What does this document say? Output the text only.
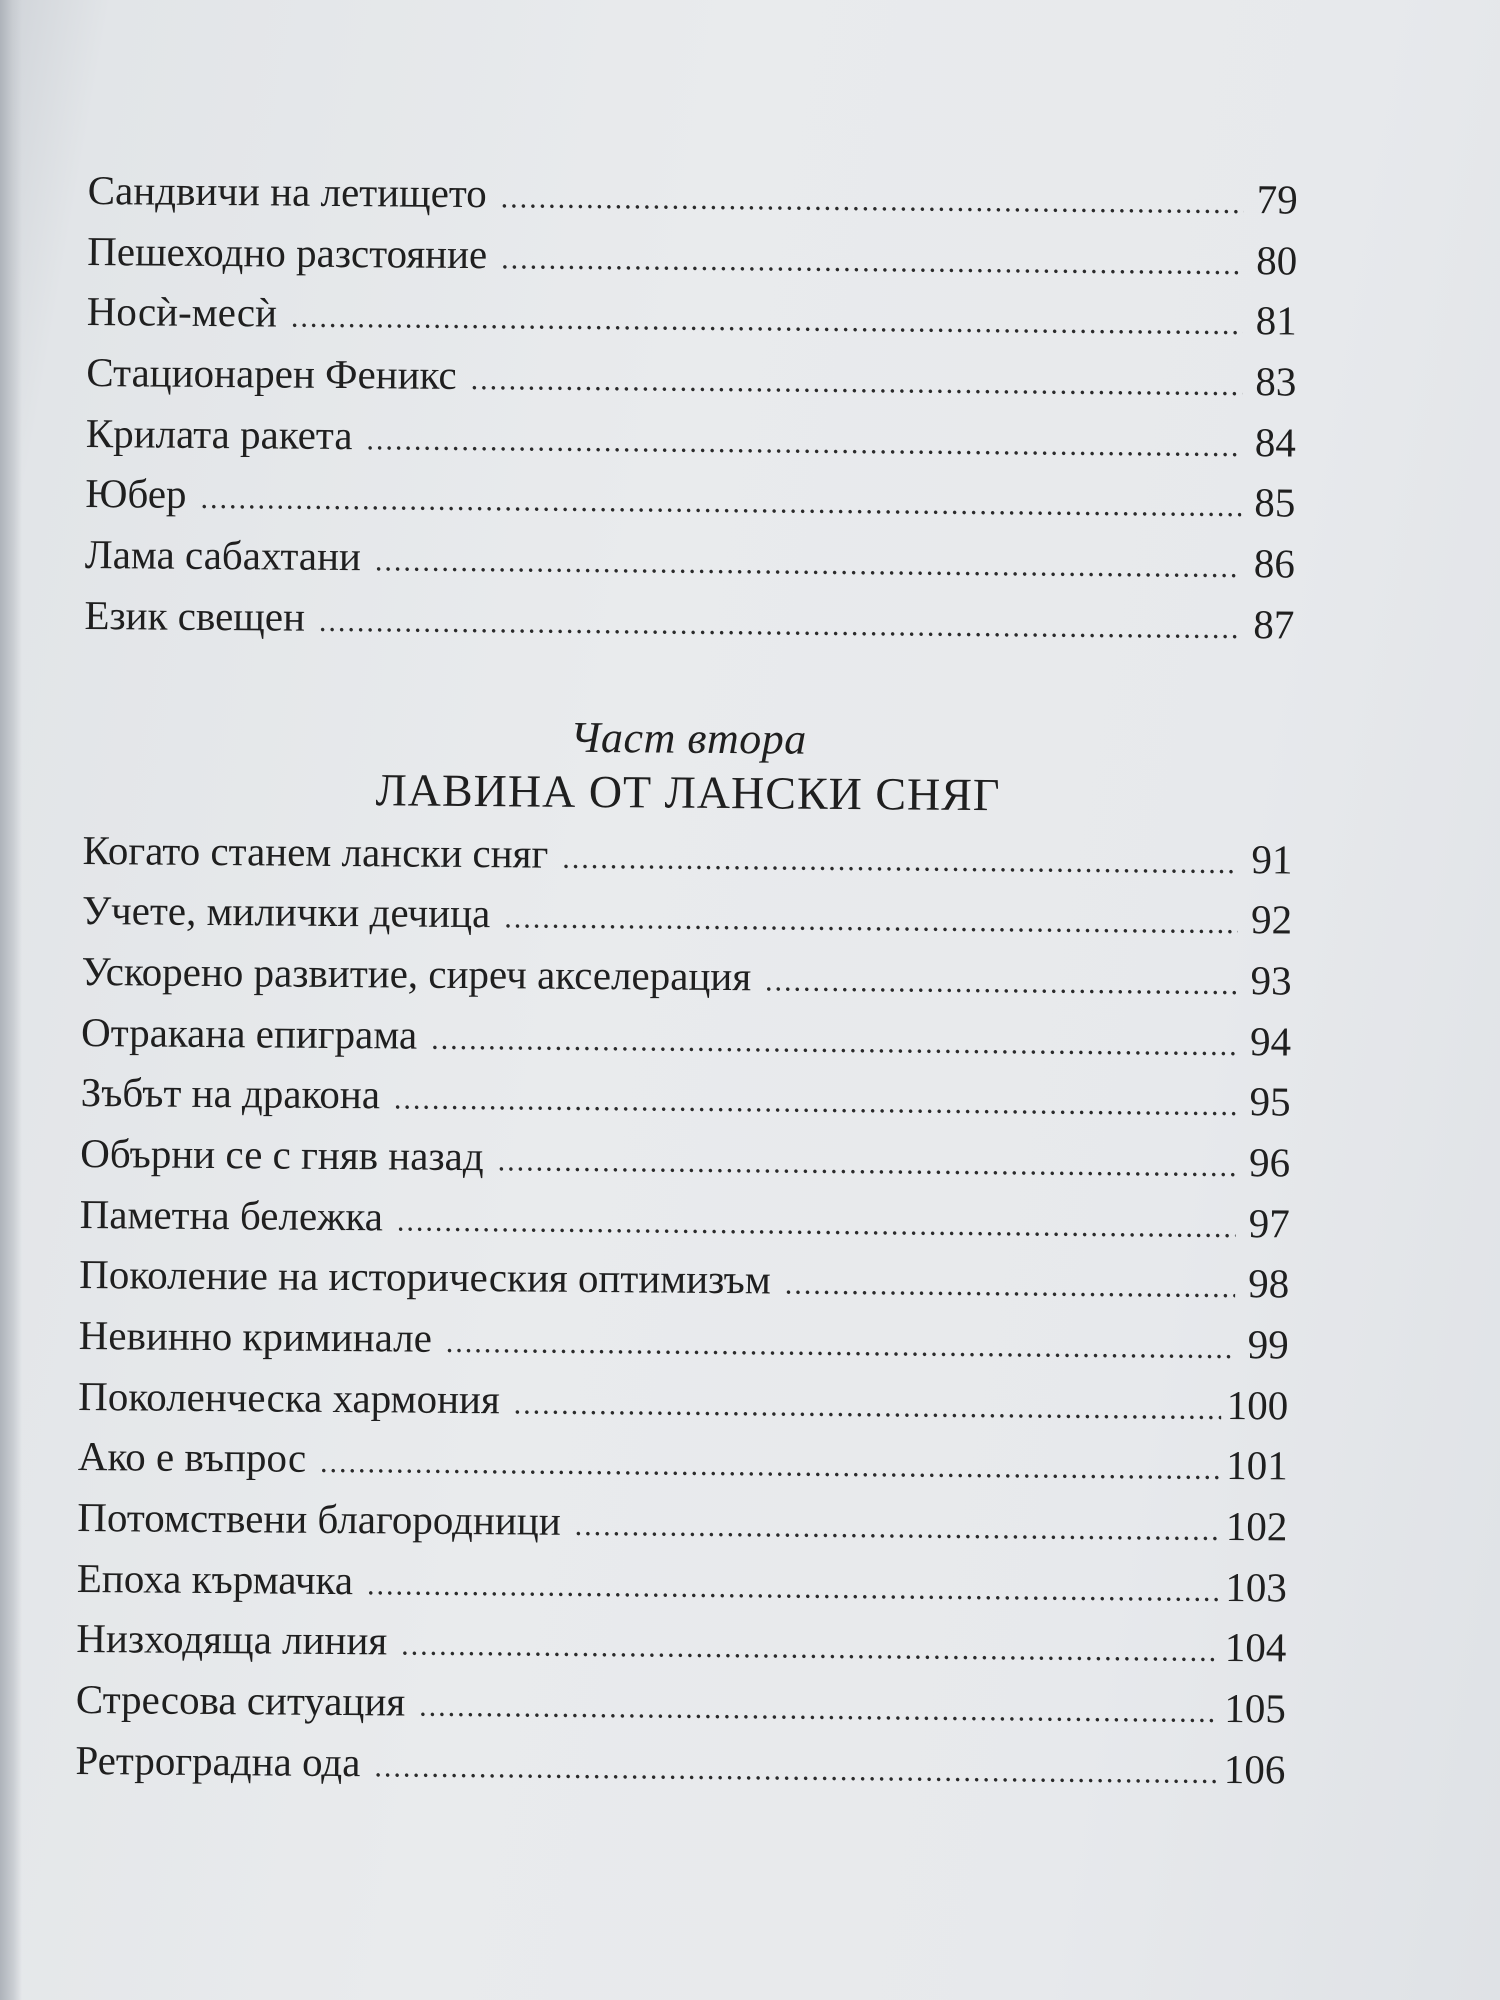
Сандвичи на летището .....	79
Пешеходно разстояние .....	80
Носѝ-месѝ .....	81
Стационарен Феникс .....	83
Крилата ракета .....	84
Юбер .....	85
Лама сабахтани .....	86
Език свещен .....	87
Част втора
ЛАВИНА ОТ ЛАНСКИ СНЯГ
Когато станем лански сняг .....	91
Учете, милички дечица .....	92
Ускорено развитие, сиреч акселерация .....	93
Отракана епиграма .....	94
Зъбът на дракона .....	95
Обърни се с гняв назад .....	96
Паметна бележка .....	97
Поколение на историческия оптимизъм .....	98
Невинно криминале .....	99
Поколенческа хармония .....	100
Ако е въпрос .....	101
Потомствени благородници .....	102
Епоха кърмачка .....	103
Низходяща линия .....	104
Стресова ситуация .....	105
Ретроградна ода .....	106
